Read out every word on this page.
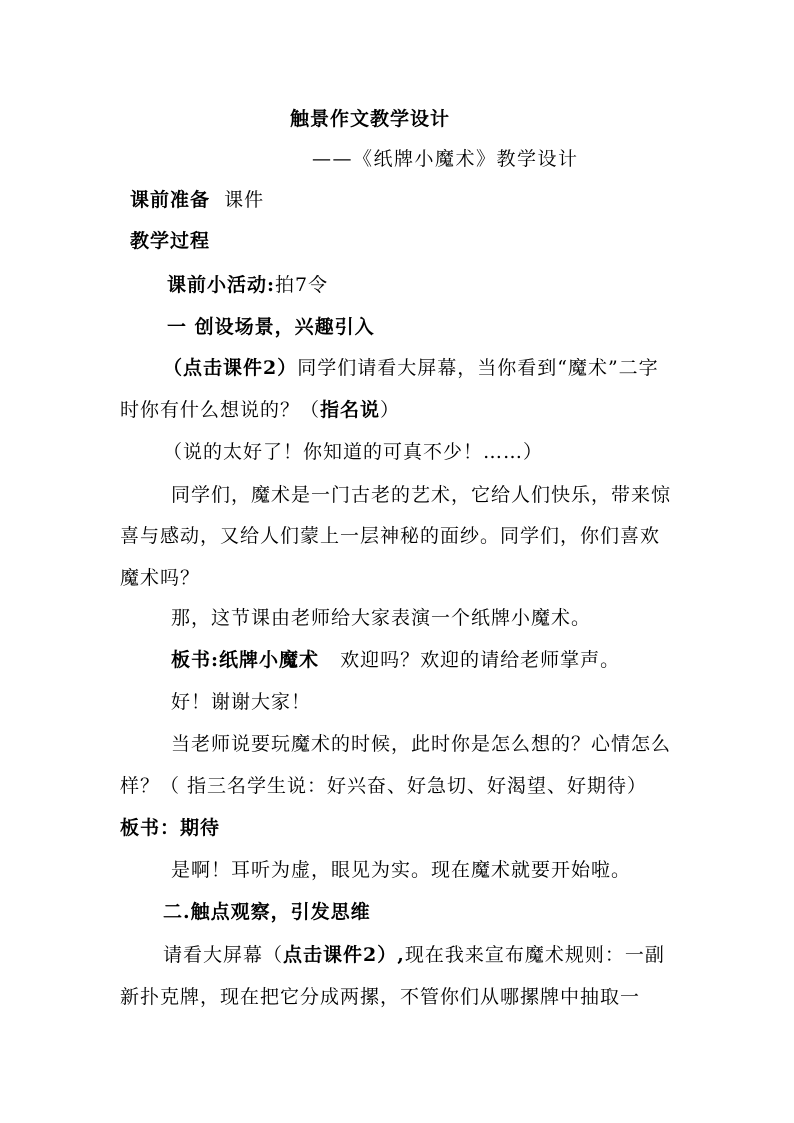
触景作文教学设计
——《纸牌小魔术》教学设计
课前准备 课件
教学过程
课前小活动:拍7令
一 创设场景，兴趣引入
（点击课件2）同学们请看大屏幕，当你看到“魔术”二字
时你有什么想说的？（指名说）
（说的太好了！你知道的可真不少！……）
同学们，魔术是一门古老的艺术，它给人们快乐，带来惊
喜与感动，又给人们蒙上一层神秘的面纱。同学们，你们喜欢
魔术吗？
那，这节课由老师给大家表演一个纸牌小魔术。
板书:纸牌小魔术 欢迎吗？欢迎的请给老师掌声。
好！谢谢大家！
当老师说要玩魔术的时候，此时你是怎么想的？心情怎么
样？（ 指三名学生说：好兴奋、好急切、好渴望、好期待）
板书：期待
是啊！耳听为虚，眼见为实。现在魔术就要开始啦。
二.触点观察，引发思维
请看大屏幕（点击课件2）,现在我来宣布魔术规则：一副
新扑克牌，现在把它分成两摞，不管你们从哪摞牌中抽取一
